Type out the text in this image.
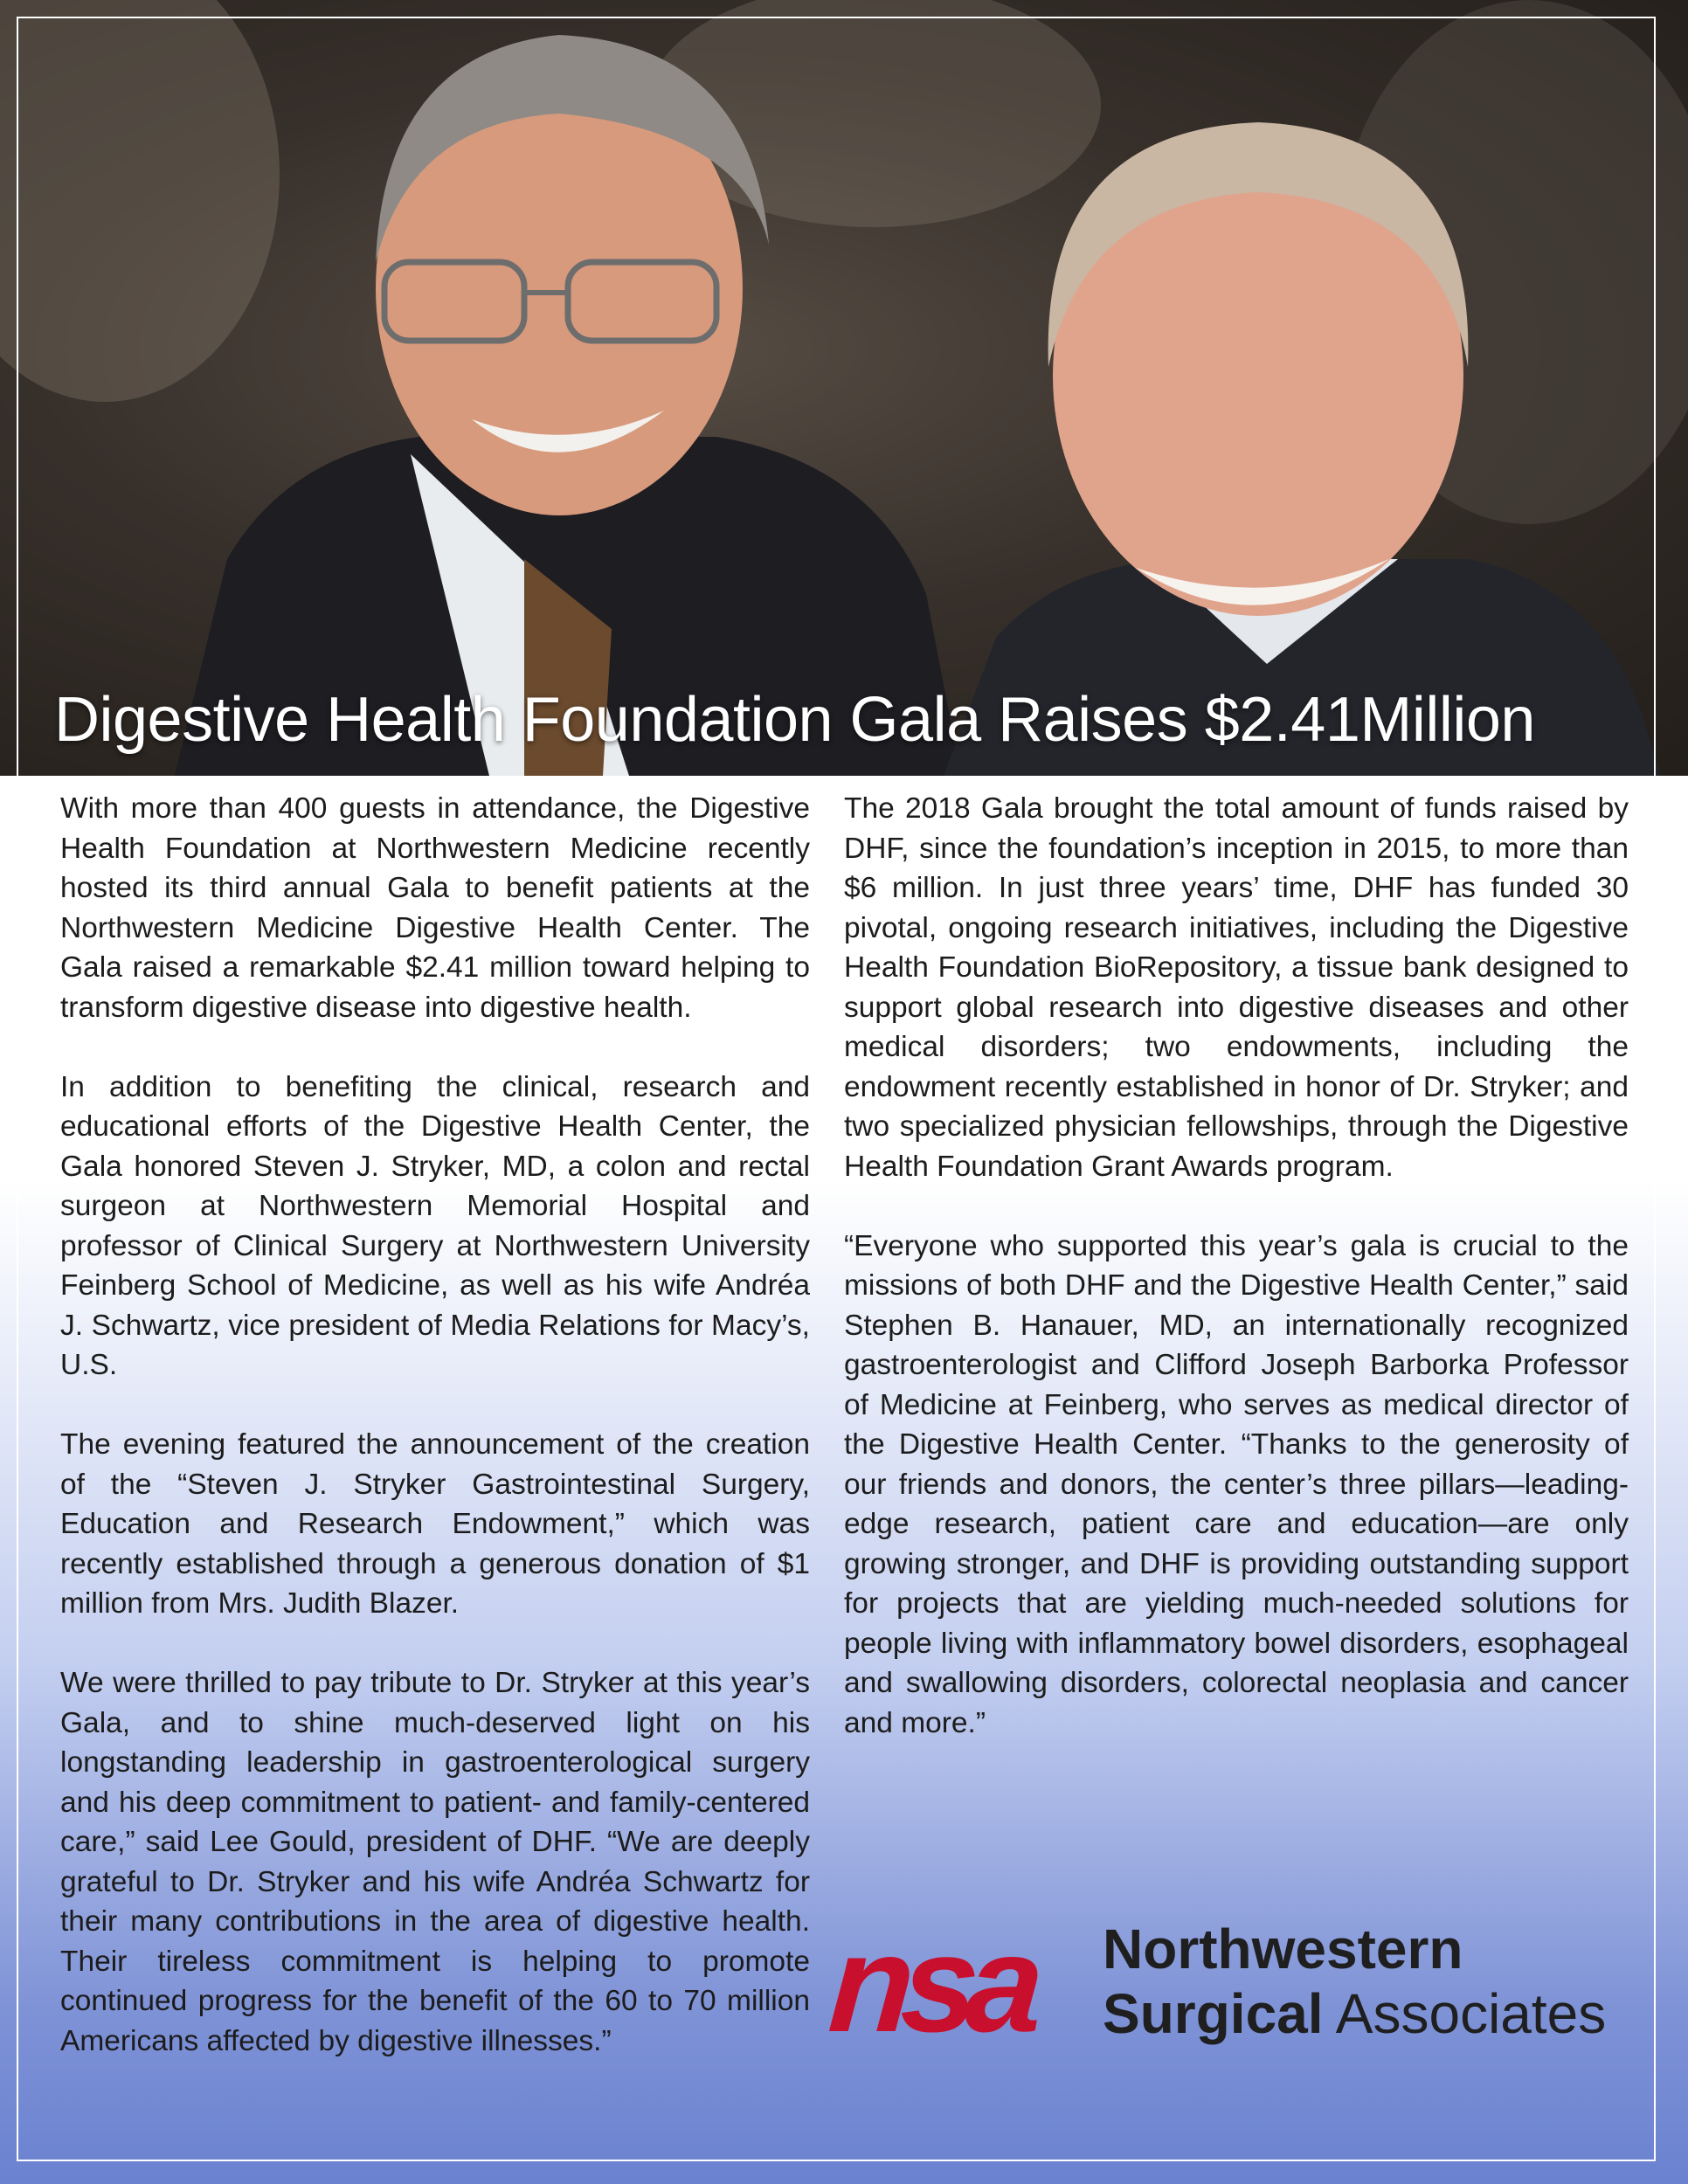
Digestive Health Foundation Gala Raises $2.41Million

With more than 400 guests in attendance, the Digestive Health Foundation at Northwestern Medicine recently hosted its third annual Gala to benefit patients at the Northwestern Medicine Digestive Health Center. The Gala raised a remarkable $2.41 million toward helping to transform digestive disease into digestive health.

In addition to benefiting the clinical, research and educational efforts of the Digestive Health Center, the Gala honored Steven J. Stryker, MD, a colon and rectal surgeon at Northwestern Memorial Hospital and professor of Clinical Surgery at Northwestern University Feinberg School of Medicine, as well as his wife Andréa J. Schwartz, vice president of Media Relations for Macy’s, U.S.

The evening featured the announcement of the creation of the “Steven J. Stryker Gastrointestinal Surgery, Education and Research Endowment,” which was recently established through a generous donation of $1 million from Mrs. Judith Blazer.

We were thrilled to pay tribute to Dr. Stryker at this year’s Gala, and to shine much-deserved light on his longstanding leadership in gastroenterological surgery and his deep commitment to patient- and family-centered care,” said Lee Gould, president of DHF. “We are deeply grateful to Dr. Stryker and his wife Andréa Schwartz for their many contributions in the area of digestive health. Their tireless commitment is helping to promote continued progress for the benefit of the 60 to 70 million Americans affected by digestive illnesses.”

The 2018 Gala brought the total amount of funds raised by DHF, since the foundation’s inception in 2015, to more than $6 million. In just three years’ time, DHF has funded 30 pivotal, ongoing research initiatives, including the Digestive Health Foundation BioRepository, a tissue bank designed to support global research into digestive diseases and other medical disorders; two endowments, including the endowment recently established in honor of Dr. Stryker; and two specialized physician fellowships, through the Digestive Health Foundation Grant Awards program.

“Everyone who supported this year’s gala is crucial to the missions of both DHF and the Digestive Health Center,” said Stephen B. Hanauer, MD, an internationally recognized gastroenterologist and Clifford Joseph Barborka Professor of Medicine at Feinberg, who serves as medical director of the Digestive Health Center. “Thanks to the generosity of our friends and donors, the center’s three pillars—leading-edge research, patient care and education—are only growing stronger, and DHF is providing outstanding support for projects that are yielding much-needed solutions for people living with inflammatory bowel disorders, esophageal and swallowing disorders, colorectal neoplasia and cancer and more.”

nsa Northwestern
Surgical Associates
